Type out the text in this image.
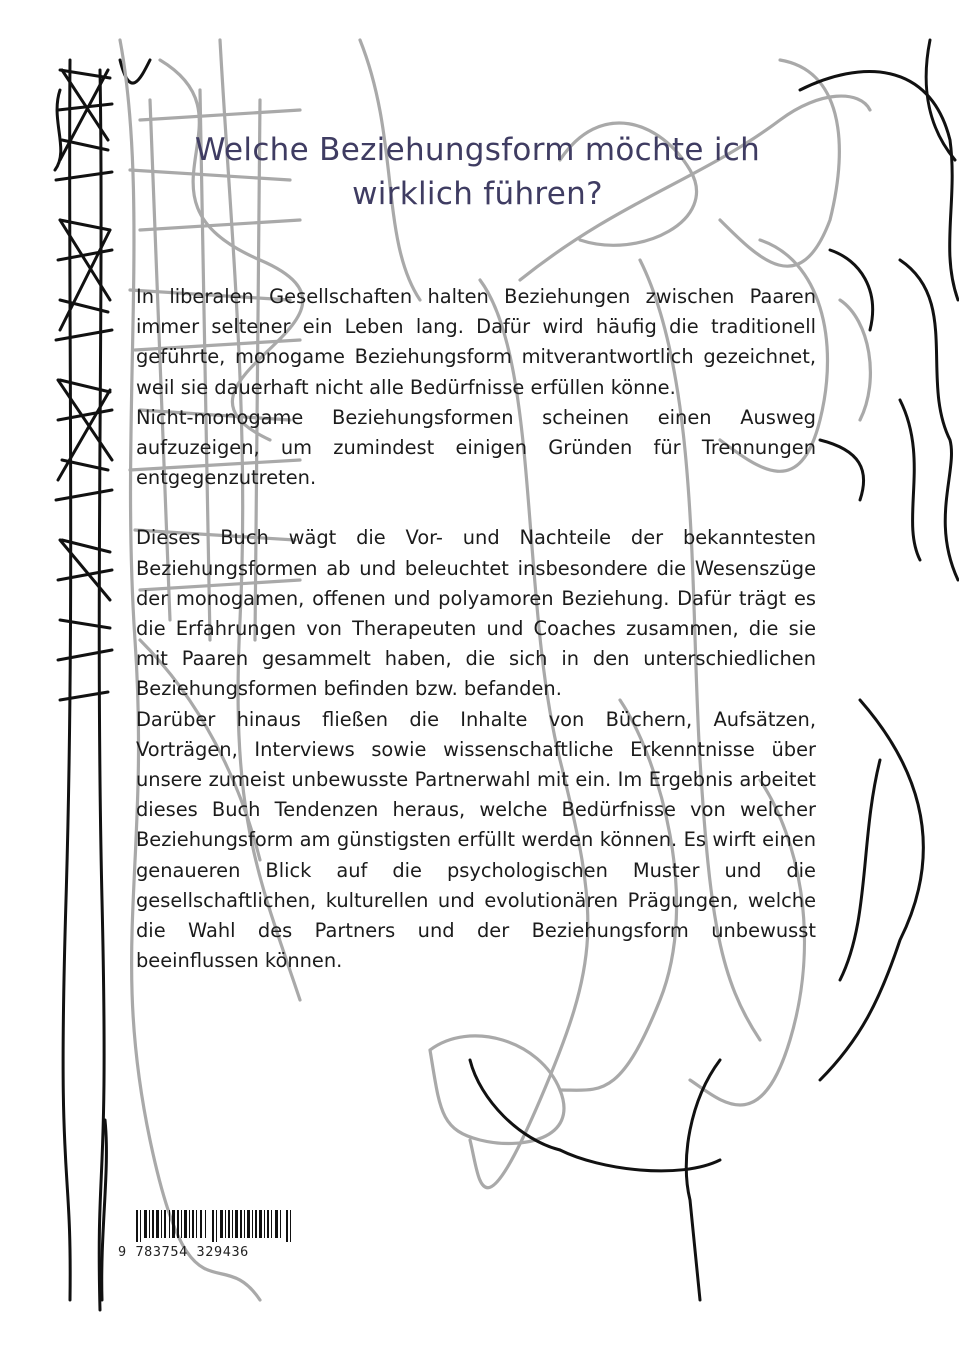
Welche Beziehungsform möchte ich
wirklich führen?

In liberalen Gesellschaften halten Beziehungen zwischen Paaren immer seltener ein Leben lang. Dafür wird häufig die traditionell geführte, monogame Beziehungsform mitverantwortlich gezeichnet, weil sie dauerhaft nicht alle Bedürfnisse erfüllen könne.

Nicht-monogame Beziehungsformen scheinen einen Ausweg aufzuzeigen, um zumindest einigen Gründen für Trennungen entgegenzutreten.

Dieses Buch wägt die Vor- und Nachteile der bekanntesten Beziehungsformen ab und beleuchtet insbesondere die Wesenszüge der monogamen, offenen und polyamoren Beziehung. Dafür trägt es die Erfahrungen von Therapeuten und Coaches zusammen, die sie mit Paaren gesammelt haben, die sich in den unterschiedlichen Beziehungsformen befinden bzw. befanden.

Darüber hinaus fließen die Inhalte von Büchern, Aufsätzen, Vorträgen, Interviews sowie wissenschaftliche Erkenntnisse über unsere zumeist unbewusste Partnerwahl mit ein. Im Ergebnis arbeitet dieses Buch Tendenzen heraus, welche Bedürfnisse von welcher Beziehungsform am günstigsten erfüllt werden können. Es wirft einen genaueren Blick auf die psychologischen Muster und die gesellschaftlichen, kulturellen und evolutionären Prägungen, welche die Wahl des Partners und der Beziehungsform unbewusst beeinflussen können.

9 783754 329436
